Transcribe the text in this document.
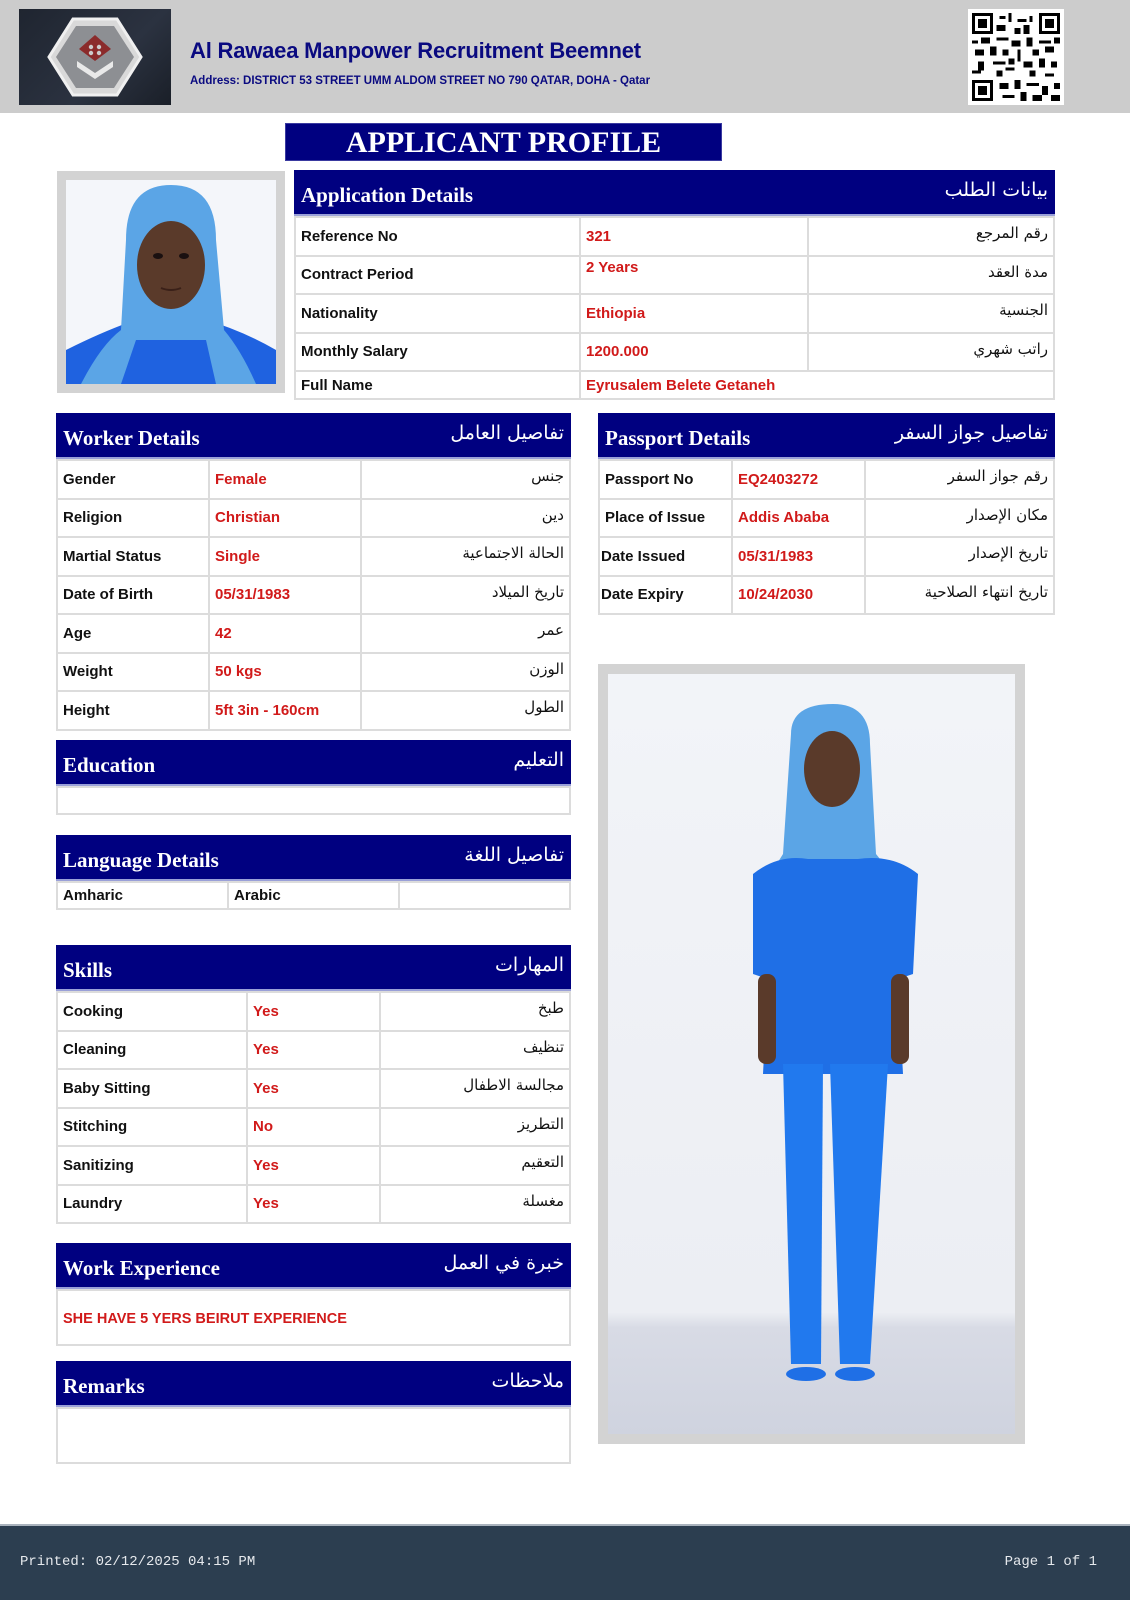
Al Rawaea Manpower Recruitment Beemnet
Address: DISTRICT 53 STREET UMM ALDOM STREET NO 790 QATAR, DOHA - Qatar
APPLICANT PROFILE
Application Details	بيانات الطلب
Reference No	321	رقم المرجع
Contract Period	2 Years	مدة العقد
Nationality	Ethiopia	الجنسية
Monthly Salary	1200.000	راتب شهري
Full Name	Eyrusalem Belete Getaneh	
Worker Details	تفاصيل العامل
Gender	Female	جنس
Religion	Christian	دين
Martial Status	Single	الحالة الاجتماعية
Date of Birth	05/31/1983	تاريخ الميلاد
Age	42	عمر
Weight	50 kgs	الوزن
Height	5ft 3in - 160cm	الطول
Passport Details	تفاصيل جواز السفر
Passport No	EQ2403272	رقم جواز السفر
Place of Issue	Addis Ababa	مكان الإصدار
Date Issued	05/31/1983	تاريخ الإصدار
Date Expiry	10/24/2030	تاريخ انتهاء الصلاحية
Education	التعليم
Language Details	تفاصيل اللغة
Amharic	Arabic	
Skills	المهارات
Cooking	Yes	طبخ
Cleaning	Yes	تنظيف
Baby Sitting	Yes	مجالسة الاطفال
Stitching	No	التطريز
Sanitizing	Yes	التعقيم
Laundry	Yes	مغسلة
Work Experience	خبرة في العمل
SHE HAVE 5 YERS BEIRUT EXPERIENCE
Remarks	ملاحظات
Printed: 02/12/2025 04:15 PM	Page 1 of 1
